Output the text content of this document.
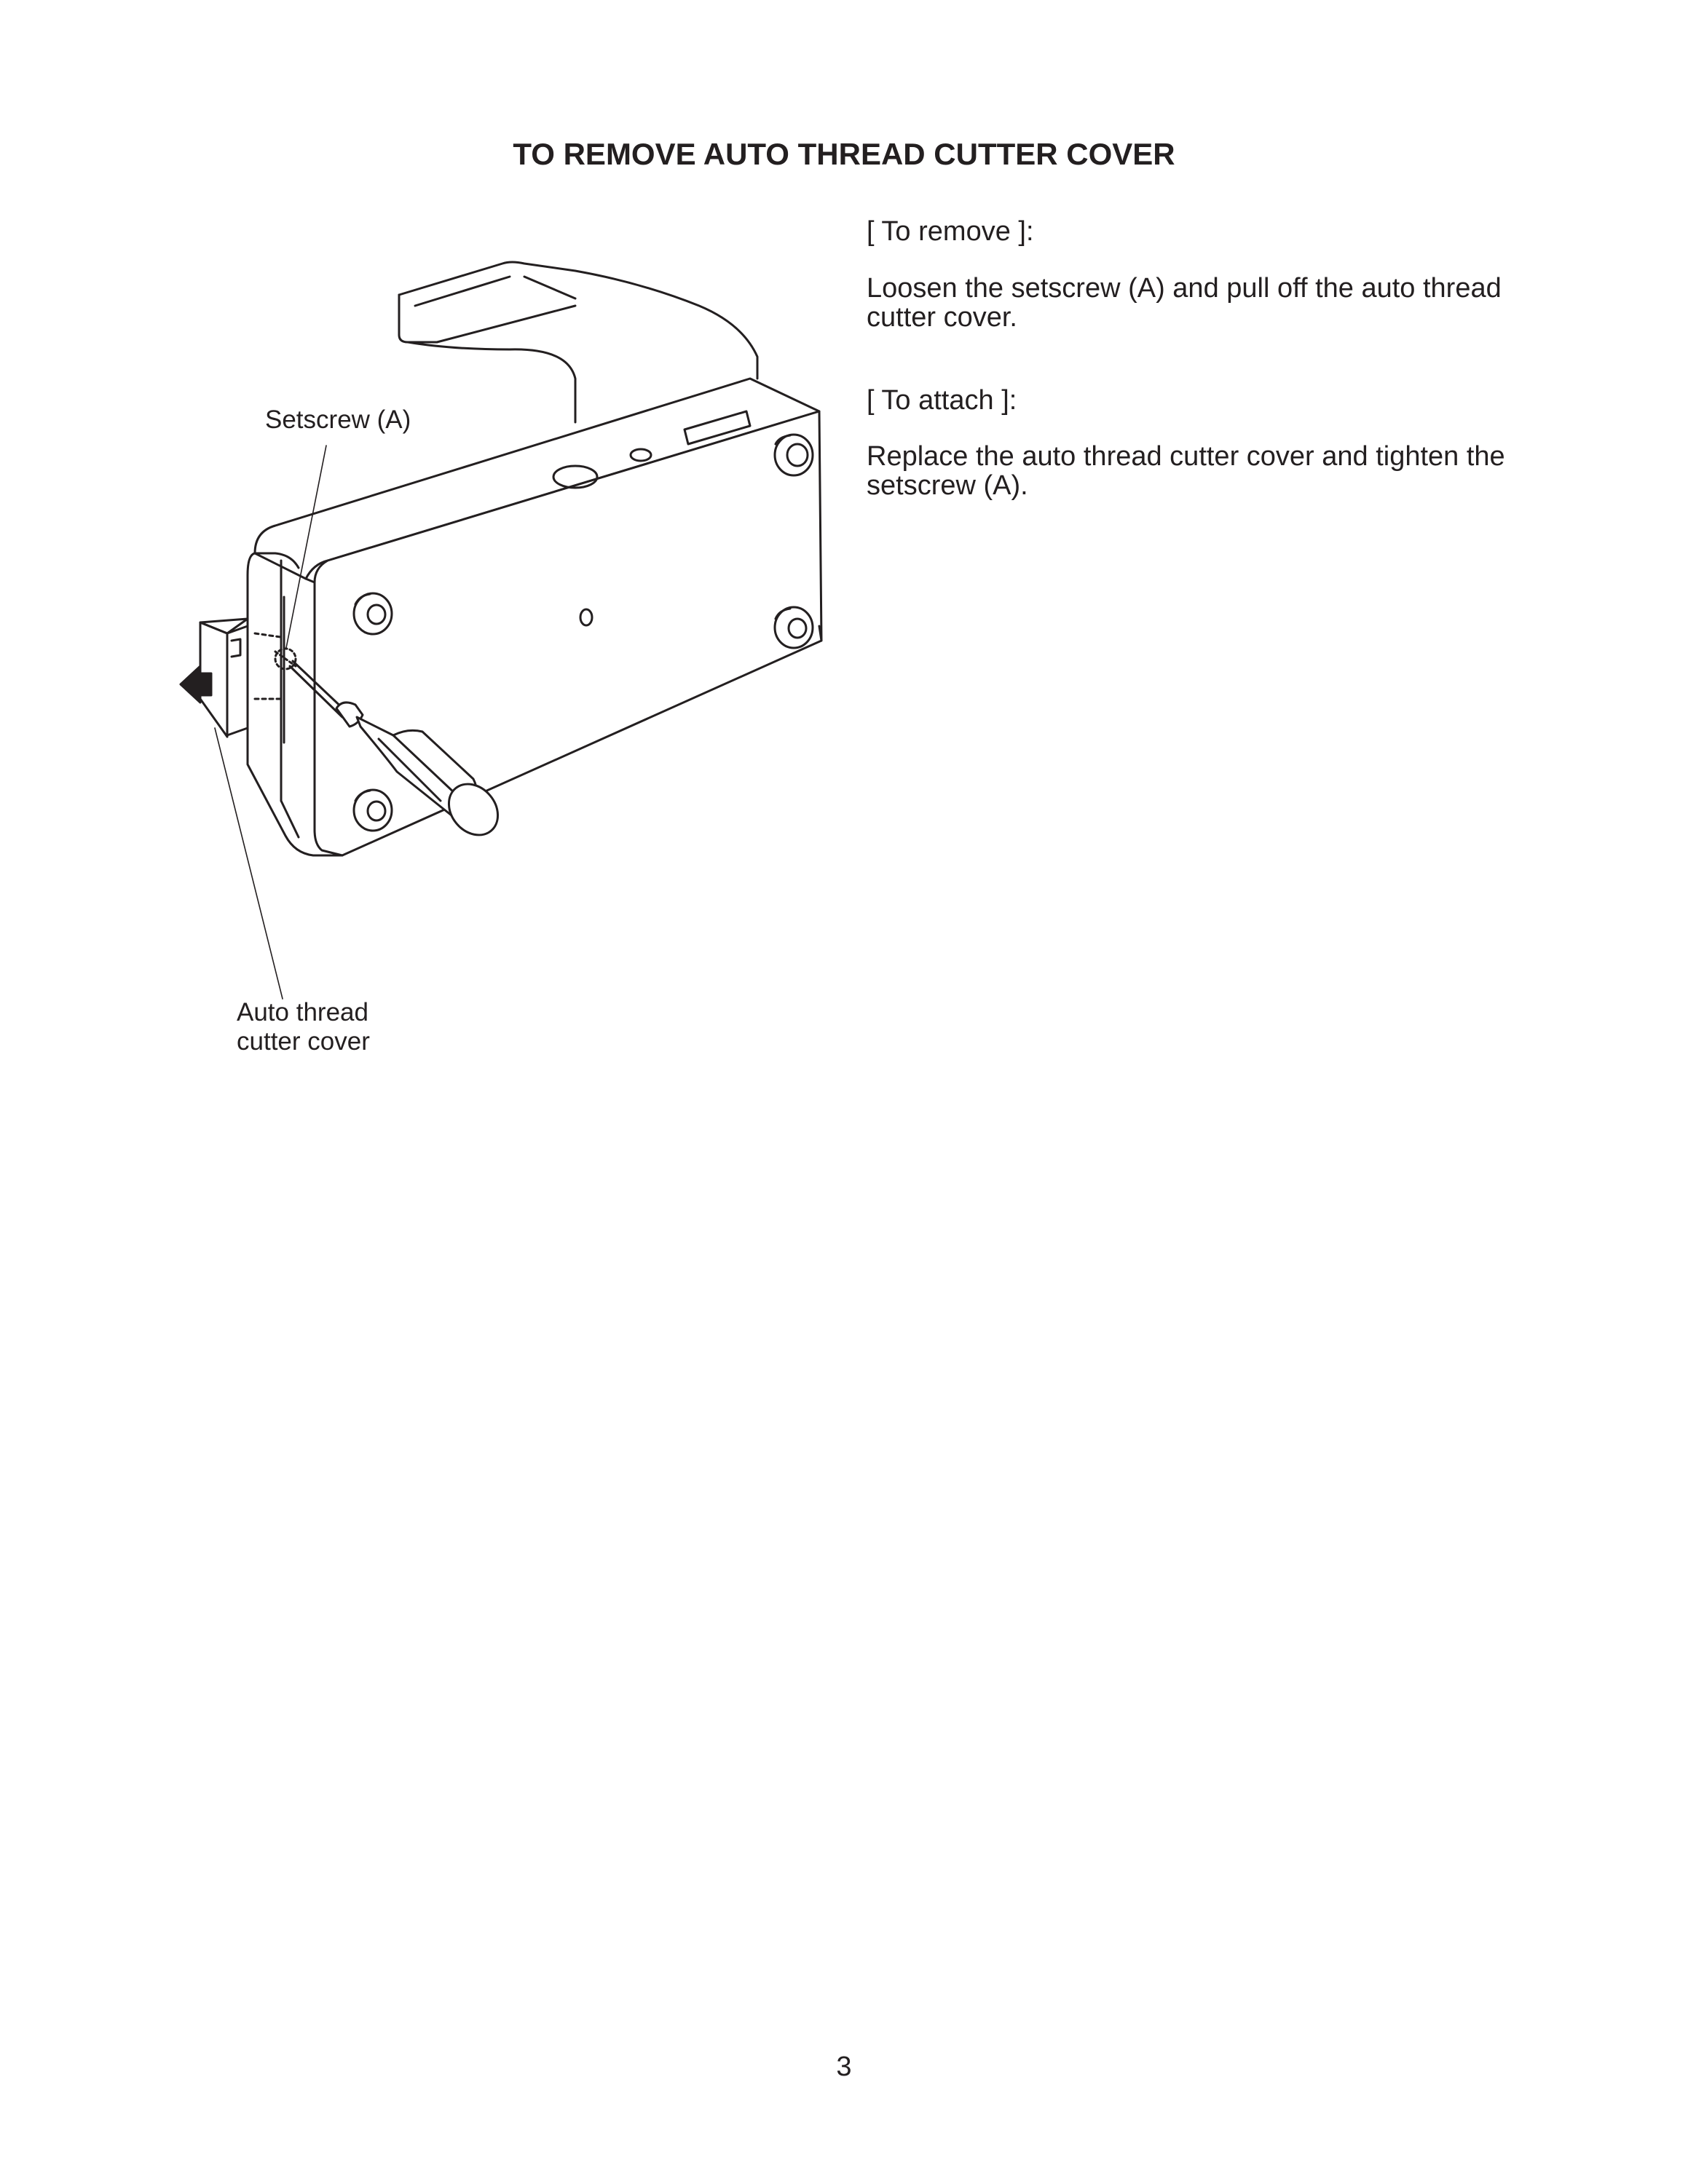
TO REMOVE AUTO THREAD CUTTER COVER
[ To remove ]:

Loosen the setscrew (A) and pull off the auto thread cutter cover.

[ To attach ]:

Replace the auto thread cutter cover and tighten the setscrew (A).

Setscrew (A)
Auto thread
cutter cover
3
